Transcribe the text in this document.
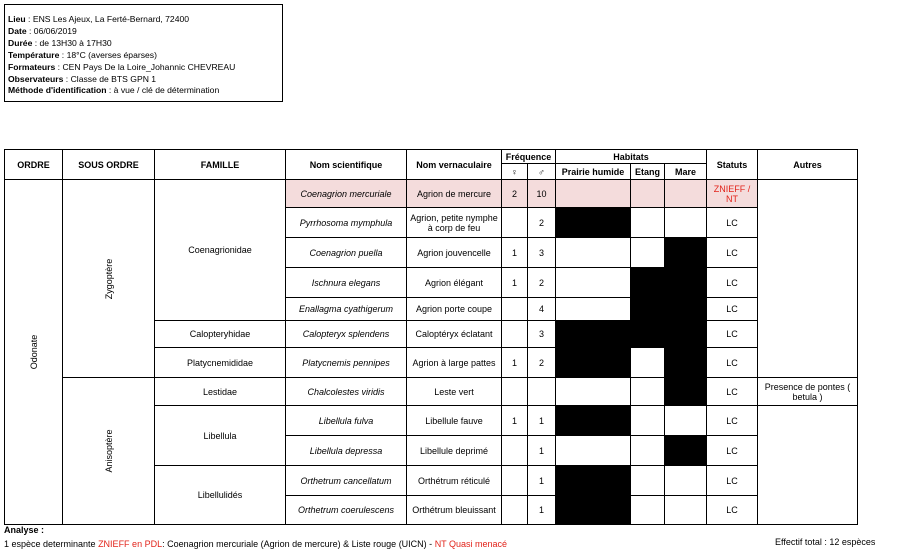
Lieu : ENS Les Ajeux, La Ferté-Bernard, 72400
Date : 06/06/2019
Durée : de 13H30 à 17H30
Température : 18°C (averses éparses)
Formateurs : CEN Pays De la Loire_Johannic CHEVREAU
Observateurs : Classe de BTS GPN 1
Méthode d'identification : à vue / clé de détermination
ORDRE	SOUS ORDRE	FAMILLE	Nom scientifique	Nom vernaculaire	Fréquence		Habitats			Statuts	Autres
					♀	♂	Prairie humide	Etang	Mare		

Odonate	Zygoptère	Coenagrionidae	Coenagrion mercuriale	Agrion de mercure	2	10				ZNIEFF / NT	
			Pyrrhosoma mymphula	Agrion, petite nymphe à corp de feu		2				LC	
			Coenagrion puella	Agrion jouvencelle	1	3				LC	
			Ischnura elegans	Agrion élégant	1	2				LC	
			Enallagma cyathigerum	Agrion porte coupe		4				LC	
		Calopteryhidae	Calopteryx splendens	Caloptéryx éclatant		3				LC	
		Platycnemididae	Platycnemis pennipes	Agrion à large pattes	1	2				LC	

	Anisoptère	Lestidae	Chalcolestes viridis	Leste vert						LC	Presence de pontes ( betula )
		Libellula	Libellula fulva	Libellule fauve	1	1				LC	
			Libellula depressa	Libellule deprimé		1				LC	
		Libellulidés	Orthetrum cancellatum	Orthétrum réticulé		1				LC	
			Orthetrum coerulescens	Orthétrum bleuissant		1				LC	
Analyse :
1 espèce determinante ZNIEFF en PDL: Coenagrion mercuriale (Agrion de mercure) & Liste rouge (UICN) - NT Quasi menacé	Effectif total : 12 espèces
